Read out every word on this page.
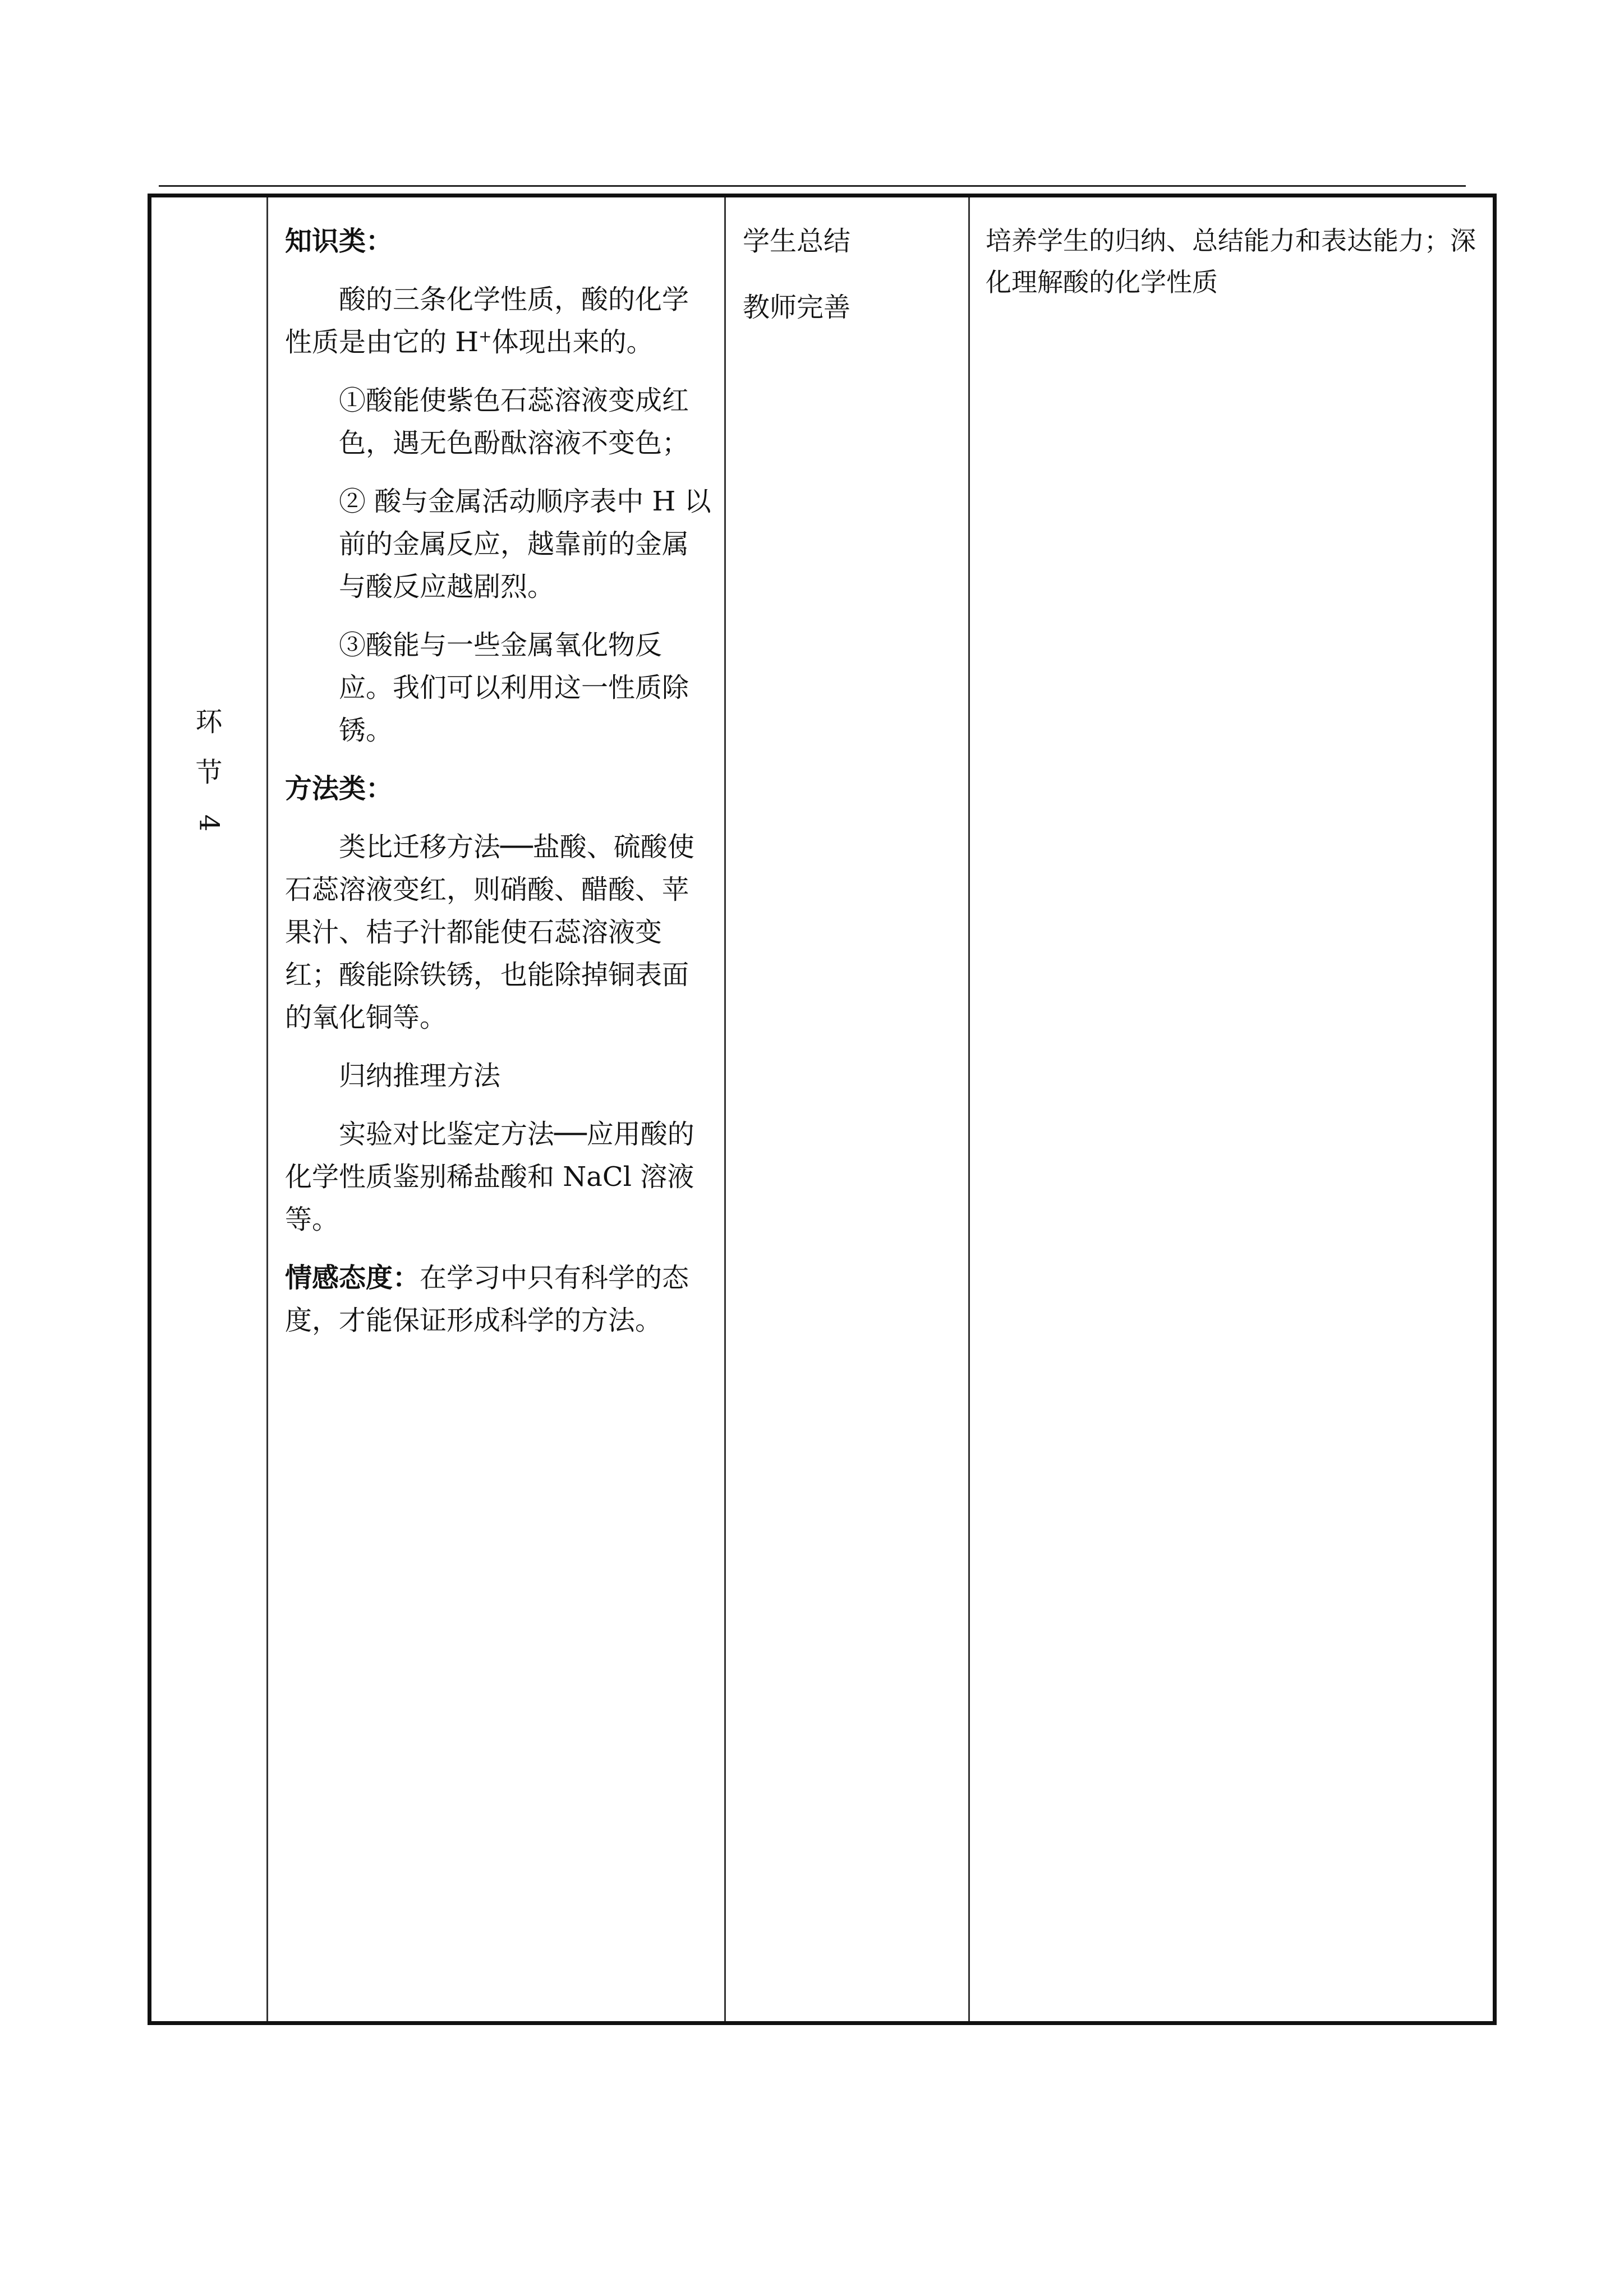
环
节
4

知识类：

酸的三条化学性质，酸的化学性质是由它的 H+体现出来的。

①酸能使紫色石蕊溶液变成红色，遇无色酚酞溶液不变色；

② 酸与金属活动顺序表中 H 以前的金属反应，越靠前的金属与酸反应越剧烈。

③酸能与一些金属氧化物反应。我们可以利用这一性质除锈。

方法类：

类比迁移方法──盐酸、硫酸使石蕊溶液变红，则硝酸、醋酸、苹果汁、桔子汁都能使石蕊溶液变红；酸能除铁锈，也能除掉铜表面的氧化铜等。

归纳推理方法

实验对比鉴定方法──应用酸的化学性质鉴别稀盐酸和 NaCl 溶液等。

情感态度：在学习中只有科学的态度，才能保证形成科学的方法。

学生总结

教师完善

培养学生的归纳、总结能力和表达能力；深化理解酸的化学性质
